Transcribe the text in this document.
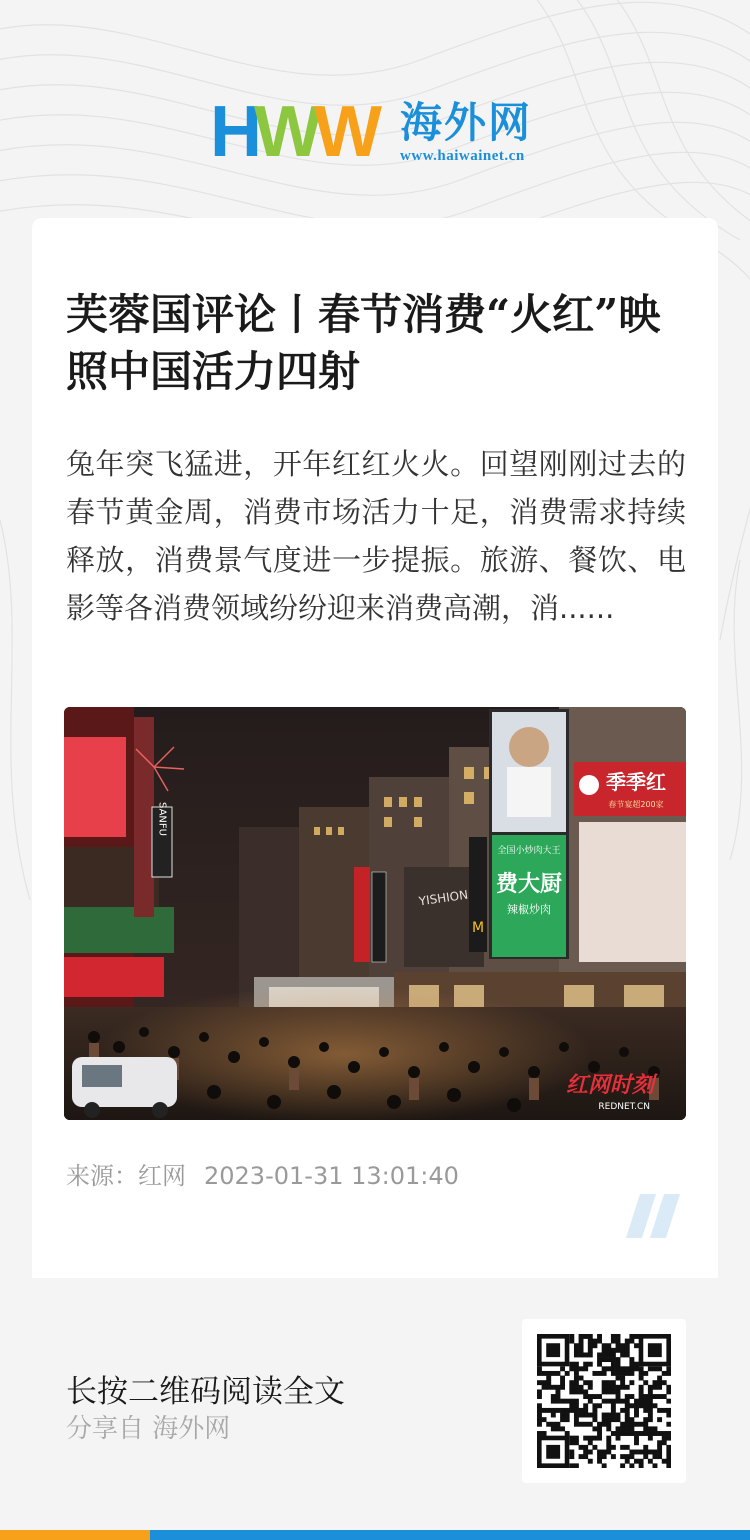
HWW 海外网
www.haiwainet.cn
芙蓉国评论丨春节消费“火红”映照中国活力四射

兔年突飞猛进，开年红红火火。回望刚刚过去的春节黄金周，消费市场活力十足，消费需求持续释放，消费景气度进一步提振。旅游、餐饮、电影等各消费领域纷纷迎来消费高潮，消......

SANFU
全国小炒肉大王
费大厨
辣椒炒肉
季季红
春节宴超200家
YISHION
M
红网时刻
REDNET.CN
来源：红网 2023-01-31 13:01:40
长按二维码阅读全文
分享自 海外网
